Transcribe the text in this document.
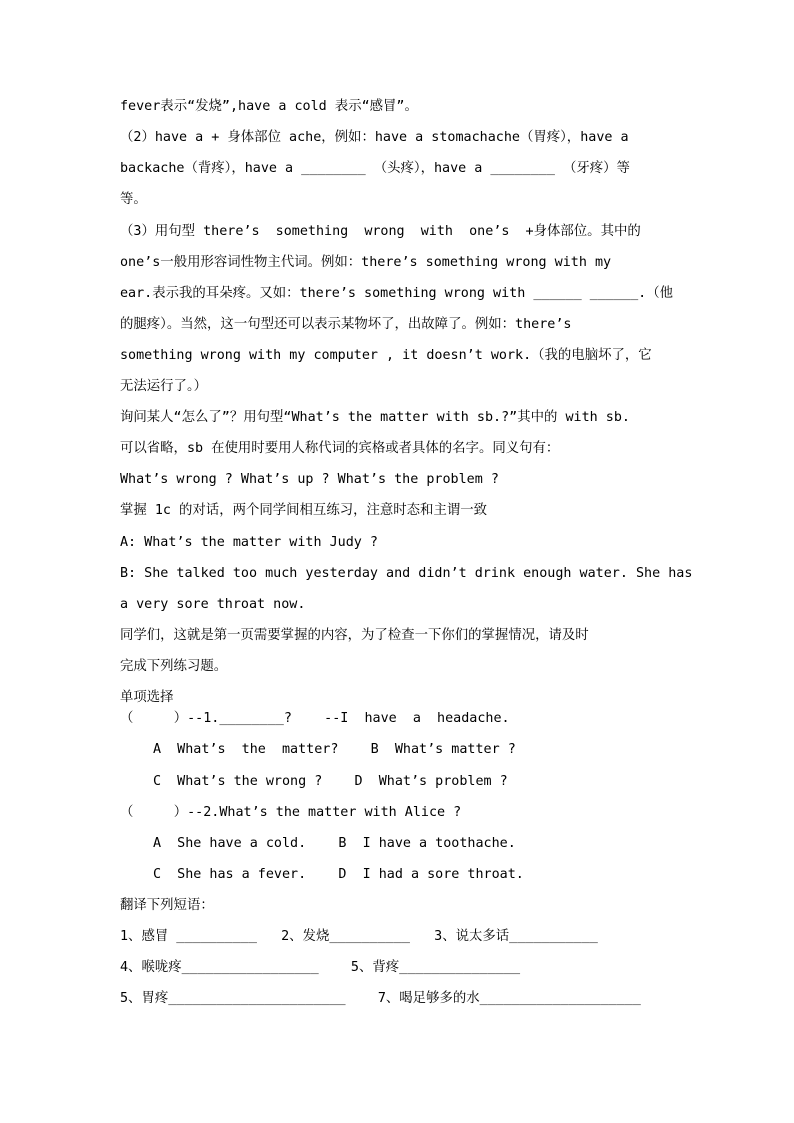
fever表示“发烧”,have a cold 表示“感冒”。
（2）have a + 身体部位 ache，例如：have a stomachache（胃疼），have a
backache（背疼），have a ________ （头疼），have a ________ （牙疼）等
等。
（3）用句型 there’s  something  wrong  with  one’s  +身体部位。其中的
one’s一般用形容词性物主代词。例如：there’s something wrong with my
ear.表示我的耳朵疼。又如：there’s something wrong with ______ ______.（他
的腿疼）。当然，这一句型还可以表示某物坏了，出故障了。例如：there’s
something wrong with my computer , it doesn’t work.（我的电脑坏了，它
无法运行了。）
询问某人“怎么了”？用句型“What’s the matter with sb.?”其中的 with sb.
可以省略，sb 在使用时要用人称代词的宾格或者具体的名字。同义句有：
What’s wrong ? What’s up ? What’s the problem ?
掌握 1c 的对话，两个同学间相互练习，注意时态和主谓一致
A: What’s the matter with Judy ?
B: She talked too much yesterday and didn’t drink enough water. She has
a very sore throat now.
同学们，这就是第一页需要掌握的内容，为了检查一下你们的掌握情况，请及时
完成下列练习题。
单项选择
（     ）--1.________?    --I  have  a  headache.
A  What’s  the  matter?    B  What’s matter ?
C  What’s the wrong ?    D  What’s problem ?
（     ）--2.What’s the matter with Alice ?
A  She have a cold.    B  I have a toothache.
C  She has a fever.    D  I had a sore throat.
翻译下列短语：
1、感冒 __________   2、发烧__________   3、说太多话___________
4、喉咙疼_________________    5、背疼_______________
5、胃疼______________________    7、喝足够多的水____________________
